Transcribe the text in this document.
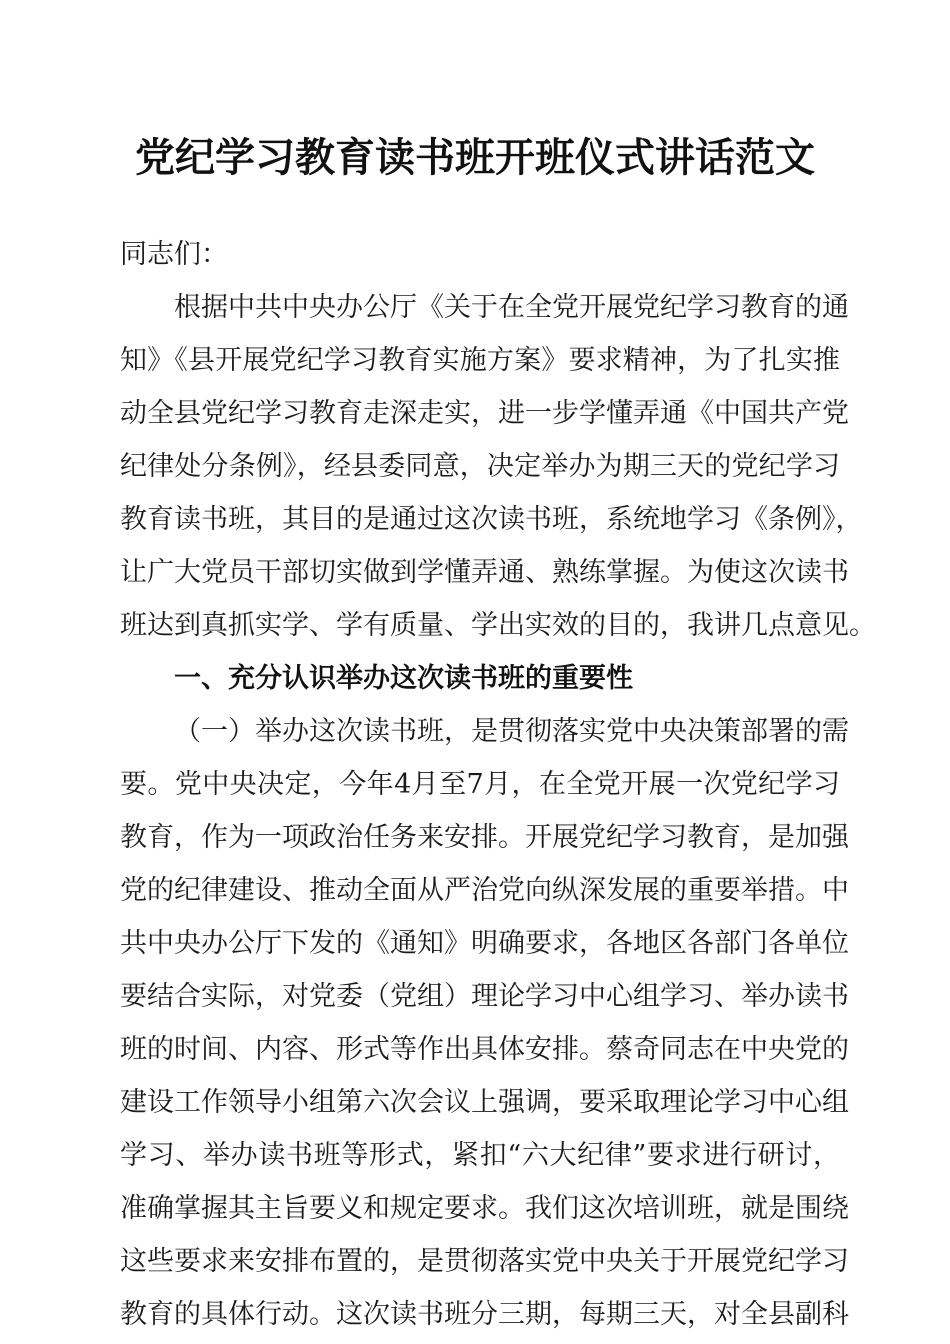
党纪学习教育读书班开班仪式讲话范文
同志们：
根据中共中央办公厅《关于在全党开展党纪学习教育的通
知》《县开展党纪学习教育实施方案》要求精神，为了扎实推
动全县党纪学习教育走深走实，进一步学懂弄通《中国共产党
纪律处分条例》，经县委同意，决定举办为期三天的党纪学习
教育读书班，其目的是通过这次读书班，系统地学习《条例》，
让广大党员干部切实做到学懂弄通、熟练掌握。为使这次读书
班达到真抓实学、学有质量、学出实效的目的，我讲几点意见。
一、充分认识举办这次读书班的重要性
（一）举办这次读书班，是贯彻落实党中央决策部署的需
要。党中央决定，今年4月至7月，在全党开展一次党纪学习
教育，作为一项政治任务来安排。开展党纪学习教育，是加强
党的纪律建设、推动全面从严治党向纵深发展的重要举措。中
共中央办公厅下发的《通知》明确要求，各地区各部门各单位
要结合实际，对党委（党组）理论学习中心组学习、举办读书
班的时间、内容、形式等作出具体安排。蔡奇同志在中央党的
建设工作领导小组第六次会议上强调，要采取理论学习中心组
学习、举办读书班等形式，紧扣“六大纪律”要求进行研讨，
准确掌握其主旨要义和规定要求。我们这次培训班，就是围绕
这些要求来安排布置的，是贯彻落实党中央关于开展党纪学习
教育的具体行动。这次读书班分三期，每期三天，对全县副科
